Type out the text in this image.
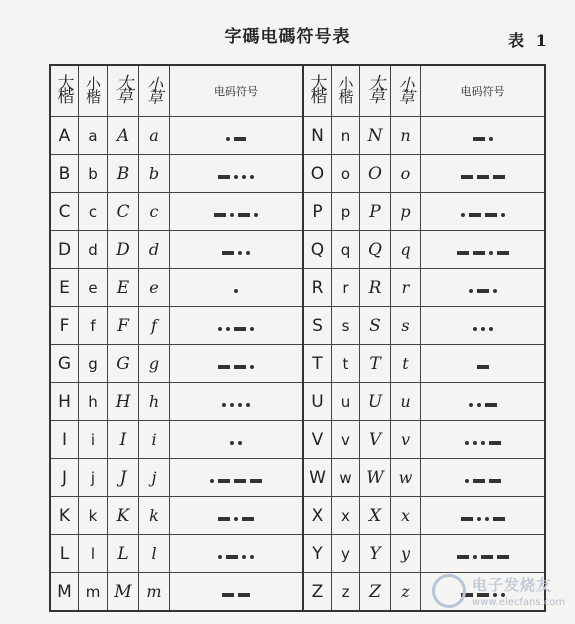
字碼电碼符号表	表 1
大楷	小楷	大草	小草	电码符号	大楷	小楷	大草	小草	电码符号
A	a	A	a		N	n	N	n	

B	b	B	b		O	o	O	o	

C	c	C	c		P	p	P	p	

D	d	D	d		Q	q	Q	q	

E	e	E	e		R	r	R	r	

F	f	F	f		S	s	S	s	

G	g	G	g		T	t	T	t	

H	h	H	h		U	u	U	u	

I	i	I	i		V	v	V	v	

J	j	J	j		W	w	W	w	

K	k	K	k		X	x	X	x	

L	l	L	l		Y	y	Y	y	

M	m	M	m		Z	z	Z	z		电子发烧友
www.elecfans.com
